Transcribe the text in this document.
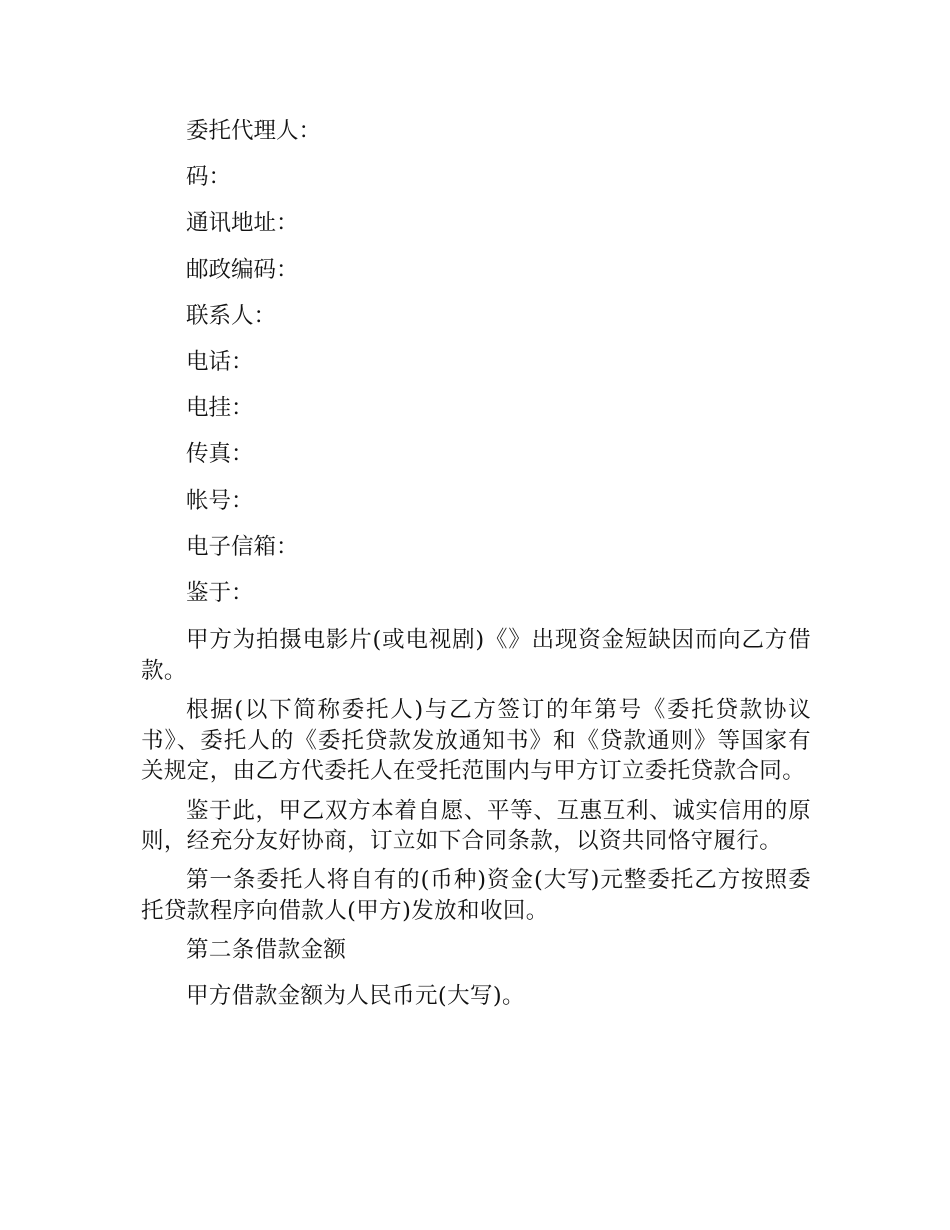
委托代理人：

码：

通讯地址：

邮政编码：

联系人：

电话：

电挂：

传真：

帐号：

电子信箱：

鉴于：

甲方为拍摄电影片(或电视剧)《》出现资金短缺因而向乙方借款。

根据(以下简称委托人)与乙方签订的年第号《委托贷款协议书》、委托人的《委托贷款发放通知书》和《贷款通则》等国家有关规定，由乙方代委托人在受托范围内与甲方订立委托贷款合同。

鉴于此，甲乙双方本着自愿、平等、互惠互利、诚实信用的原则，经充分友好协商，订立如下合同条款，以资共同恪守履行。

第一条委托人将自有的(币种)资金(大写)元整委托乙方按照委托贷款程序向借款人(甲方)发放和收回。

第二条借款金额

甲方借款金额为人民币元(大写)。
